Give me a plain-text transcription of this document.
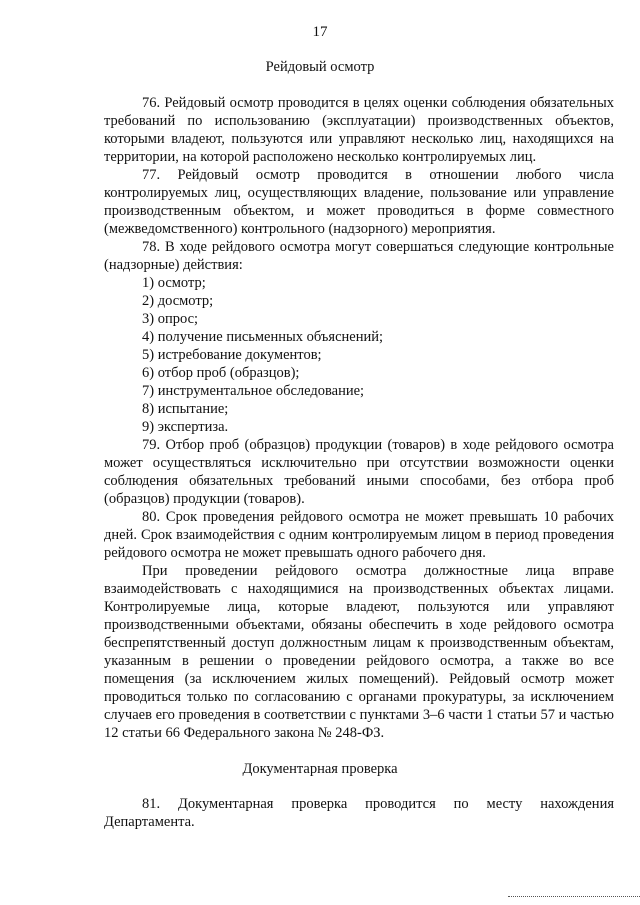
17
Рейдовый осмотр

76. Рейдовый осмотр проводится в целях оценки соблюдения обязательных требований по использованию (эксплуатации) производственных объектов, которыми владеют, пользуются или управляют несколько лиц, находящихся на территории, на которой расположено несколько контролируемых лиц.

77. Рейдовый осмотр проводится в отношении любого числа контролируемых лиц, осуществляющих владение, пользование или управление производственным объектом, и может проводиться в форме совместного (межведомственного) контрольного (надзорного) мероприятия.

78. В ходе рейдового осмотра могут совершаться следующие контрольные (надзорные) действия:

1) осмотр;
2) досмотр;
3) опрос;
4) получение письменных объяснений;
5) истребование документов;
6) отбор проб (образцов);
7) инструментальное обследование;
8) испытание;
9) экспертиза.

79. Отбор проб (образцов) продукции (товаров) в ходе рейдового осмотра может осуществляться исключительно при отсутствии возможности оценки соблюдения обязательных требований иными способами, без отбора проб (образцов) продукции (товаров).

80. Срок проведения рейдового осмотра не может превышать 10 рабочих дней. Срок взаимодействия с одним контролируемым лицом в период проведения рейдового осмотра не может превышать одного рабочего дня.

При проведении рейдового осмотра должностные лица вправе взаимодействовать с находящимися на производственных объектах лицами. Контролируемые лица, которые владеют, пользуются или управляют производственными объектами, обязаны обеспечить в ходе рейдового осмотра беспрепятственный доступ должностным лицам к производственным объектам, указанным в решении о проведении рейдового осмотра, а также во все помещения (за исключением жилых помещений). Рейдовый осмотр может проводиться только по согласованию с органами прокуратуры, за исключением случаев его проведения в соответствии с пунктами 3–6 части 1 статьи 57 и частью 12 статьи 66 Федерального закона № 248-ФЗ.

Документарная проверка

81. Документарная проверка проводится по месту нахождения Департамента.
